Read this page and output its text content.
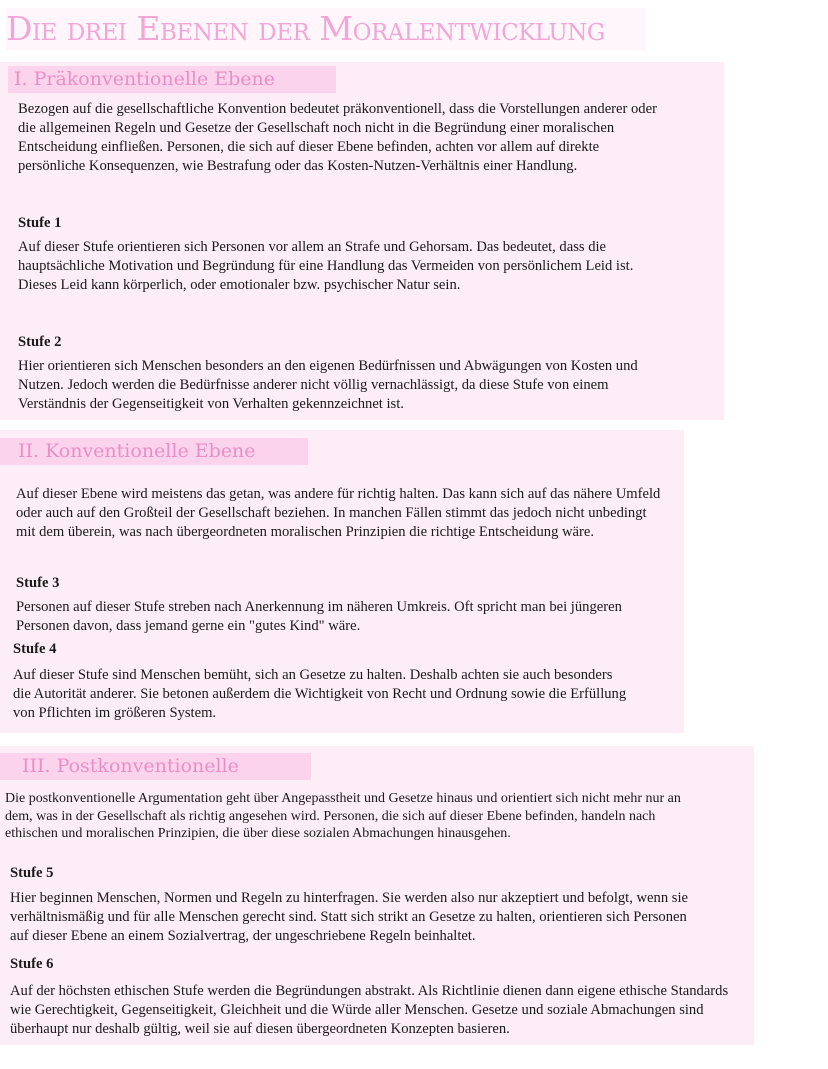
Die drei Ebenen der Moralentwicklung
I. Präkonventionelle Ebene
Bezogen auf die gesellschaftliche Konvention bedeutet präkonventionell, dass die Vorstellungen anderer oder die allgemeinen Regeln und Gesetze der Gesellschaft noch nicht in die Begründung einer moralischen Entscheidung einfließen. Personen, die sich auf dieser Ebene befinden, achten vor allem auf direkte persönliche Konsequenzen, wie Bestrafung oder das Kosten-Nutzen-Verhältnis einer Handlung.
Stufe 1
Auf dieser Stufe orientieren sich Personen vor allem an Strafe und Gehorsam. Das bedeutet, dass die hauptsächliche Motivation und Begründung für eine Handlung das Vermeiden von persönlichem Leid ist. Dieses Leid kann körperlich, oder emotionaler bzw. psychischer Natur sein.
Stufe 2
Hier orientieren sich Menschen besonders an den eigenen Bedürfnissen und Abwägungen von Kosten und Nutzen. Jedoch werden die Bedürfnisse anderer nicht völlig vernachlässigt, da diese Stufe von einem Verständnis der Gegenseitigkeit von Verhalten gekennzeichnet ist.
II. Konventionelle Ebene
Auf dieser Ebene wird meistens das getan, was andere für richtig halten. Das kann sich auf das nähere Umfeld oder auch auf den Großteil der Gesellschaft beziehen. In manchen Fällen stimmt das jedoch nicht unbedingt mit dem überein, was nach übergeordneten moralischen Prinzipien die richtige Entscheidung wäre.
Stufe 3
Personen auf dieser Stufe streben nach Anerkennung im näheren Umkreis. Oft spricht man bei jüngeren Personen davon, dass jemand gerne ein "gutes Kind" wäre.
Stufe 4
Auf dieser Stufe sind Menschen bemüht, sich an Gesetze zu halten. Deshalb achten sie auch besonders die Autorität anderer. Sie betonen außerdem die Wichtigkeit von Recht und Ordnung sowie die Erfüllung von Pflichten im größeren System.
III. Postkonventionelle
Die postkonventionelle Argumentation geht über Angepasstheit und Gesetze hinaus und orientiert sich nicht mehr nur an dem, was in der Gesellschaft als richtig angesehen wird. Personen, die sich auf dieser Ebene befinden, handeln nach ethischen und moralischen Prinzipien, die über diese sozialen Abmachungen hinausgehen.
Stufe 5
Hier beginnen Menschen, Normen und Regeln zu hinterfragen. Sie werden also nur akzeptiert und befolgt, wenn sie verhältnismäßig und für alle Menschen gerecht sind. Statt sich strikt an Gesetze zu halten, orientieren sich Personen auf dieser Ebene an einem Sozialvertrag, der ungeschriebene Regeln beinhaltet.
Stufe 6
Auf der höchsten ethischen Stufe werden die Begründungen abstrakt. Als Richtlinie dienen dann eigene ethische Standards wie Gerechtigkeit, Gegenseitigkeit, Gleichheit und die Würde aller Menschen. Gesetze und soziale Abmachungen sind überhaupt nur deshalb gültig, weil sie auf diesen übergeordneten Konzepten basieren.
